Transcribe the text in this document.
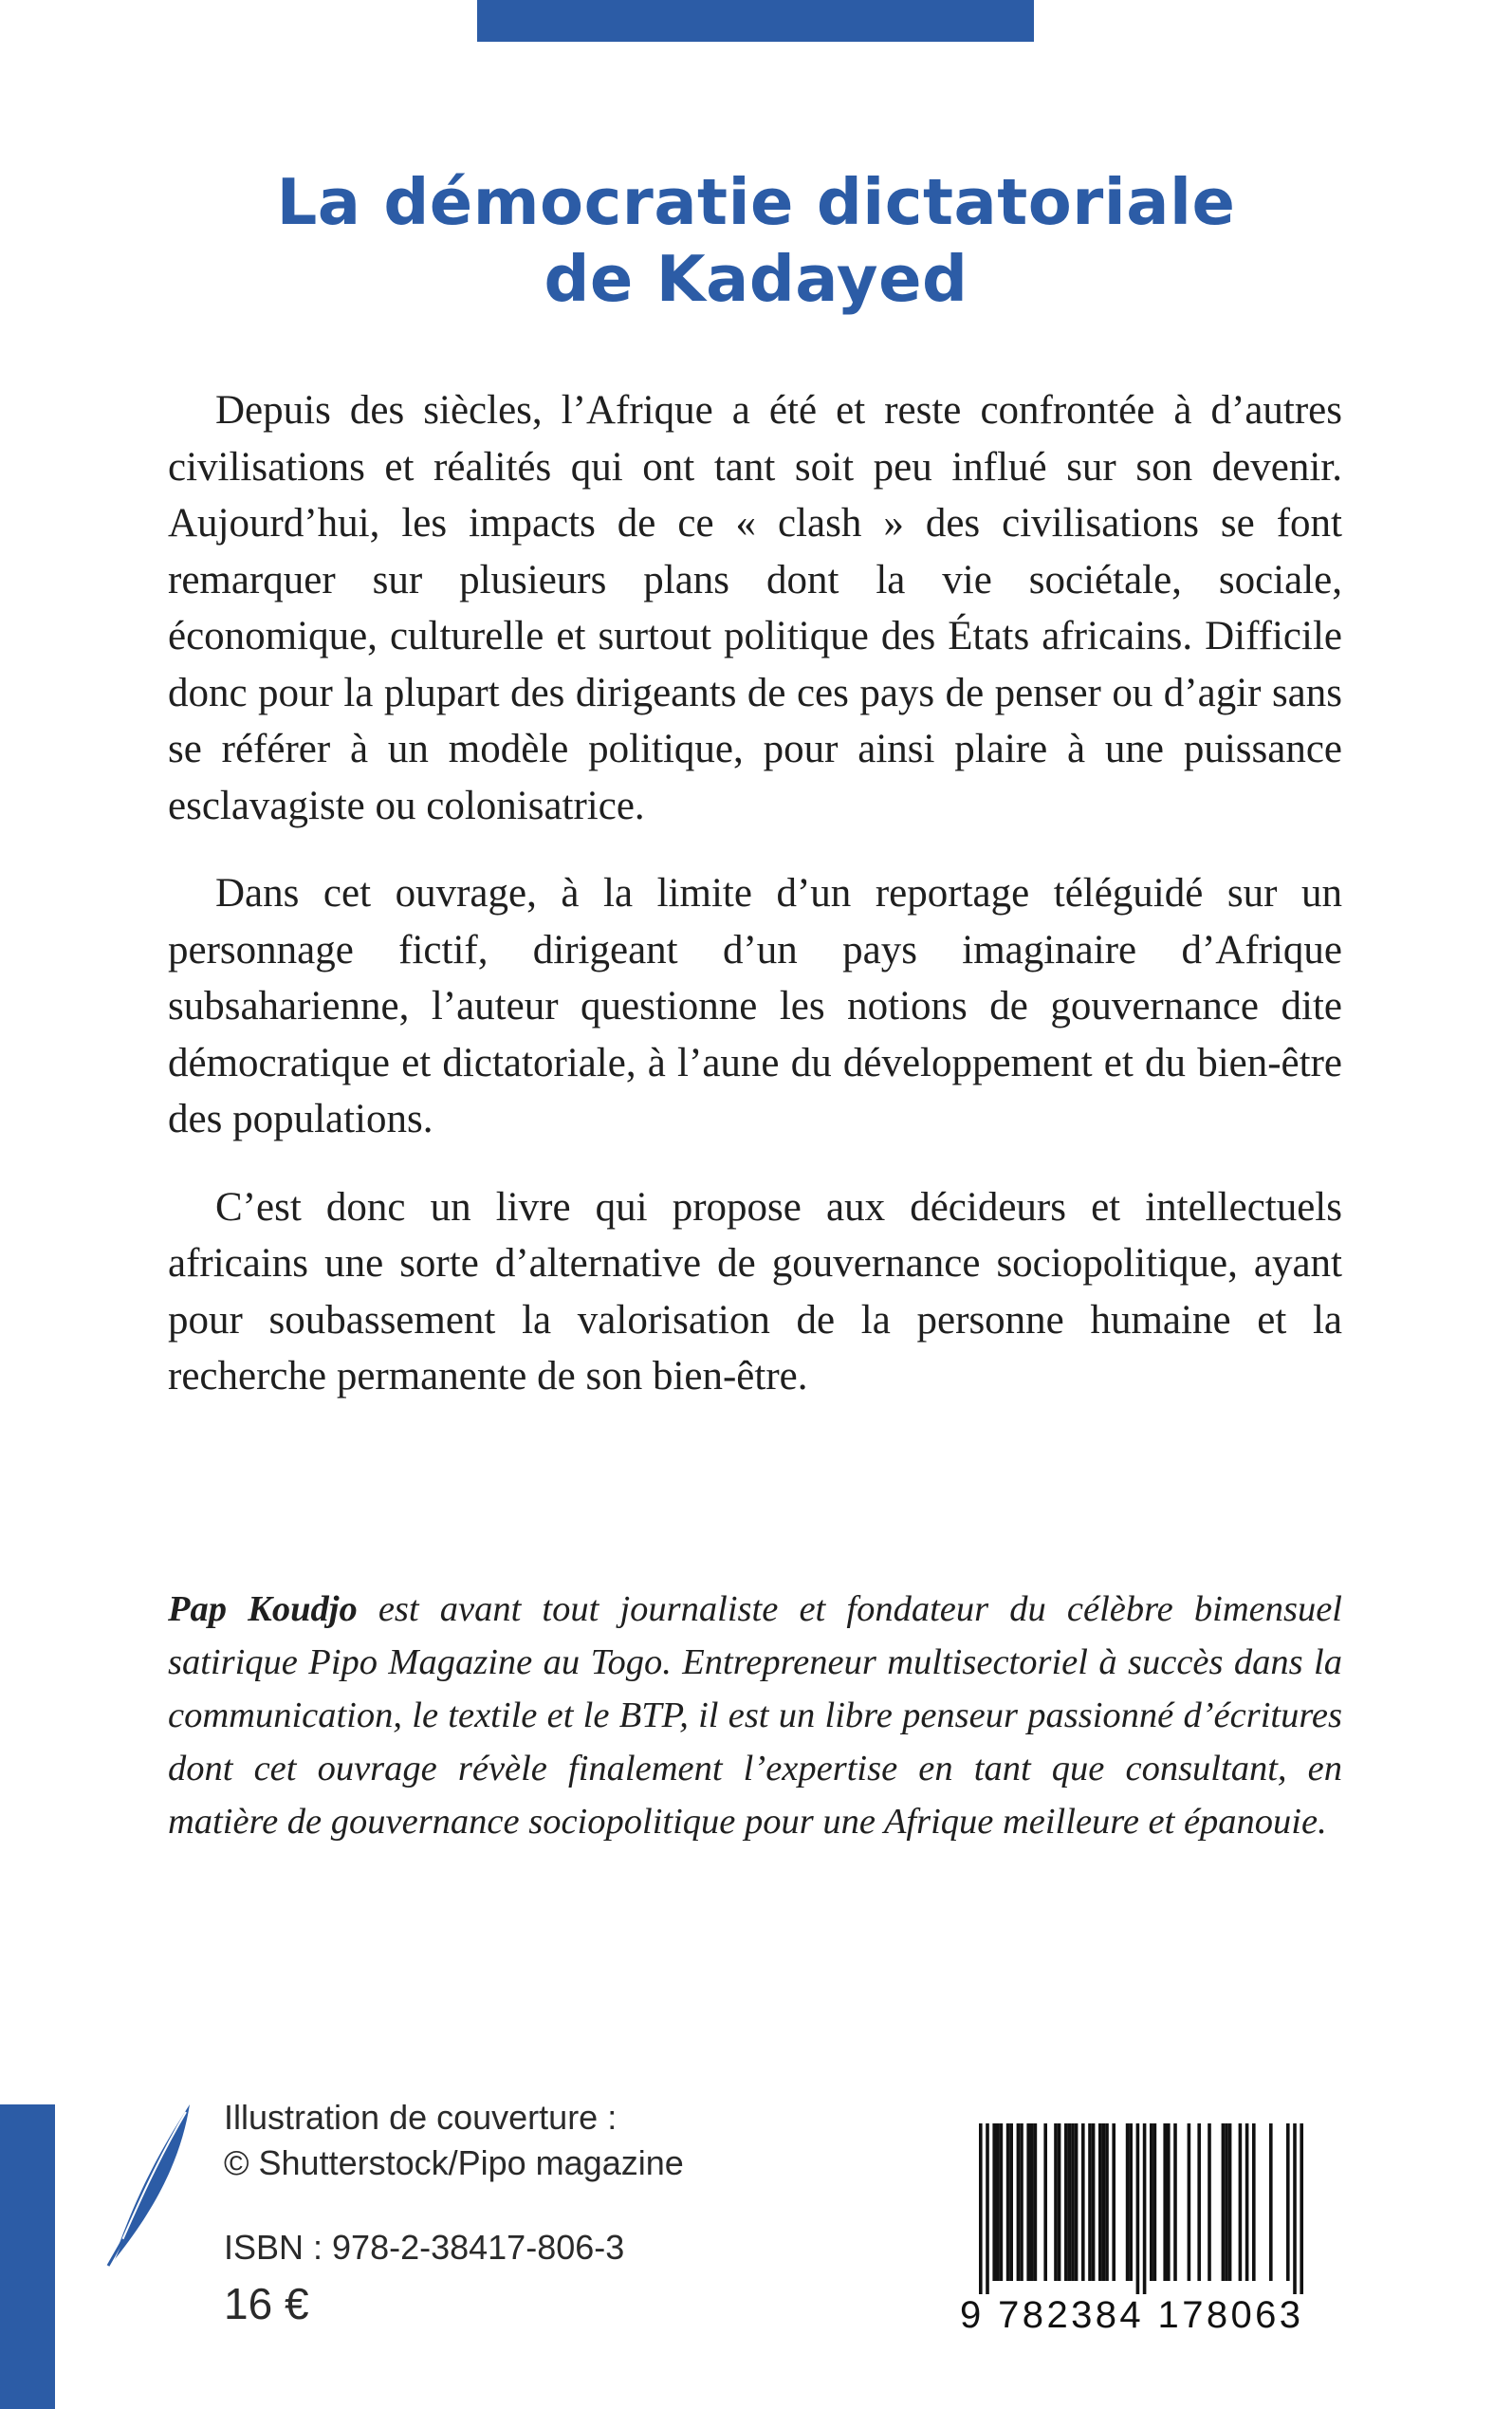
La démocratie dictatoriale
de Kadayed

Depuis des siècles, l’Afrique a été et reste confrontée à d’autres civilisations et réalités qui ont tant soit peu influé sur son devenir. Aujourd’hui, les impacts de ce « clash » des civilisations se font remarquer sur plusieurs plans dont la vie sociétale, sociale, économique, culturelle et surtout politique des États africains. Difficile donc pour la plupart des dirigeants de ces pays de penser ou d’agir sans se référer à un modèle politique, pour ainsi plaire à une puissance esclavagiste ou colonisatrice.

Dans cet ouvrage, à la limite d’un reportage téléguidé sur un personnage fictif, dirigeant d’un pays imaginaire d’Afrique subsaharienne, l’auteur questionne les notions de gouvernance dite démocratique et dictatoriale, à l’aune du développement et du bien-être des populations.

C’est donc un livre qui propose aux décideurs et intellectuels africains une sorte d’alternative de gouvernance sociopolitique, ayant pour soubassement la valorisation de la personne humaine et la recherche permanente de son bien-être.

Pap Koudjo est avant tout journaliste et fondateur du célèbre bimensuel satirique Pipo Magazine au Togo. Entrepreneur multisectoriel à succès dans la communication, le textile et le BTP, il est un libre penseur passionné d’écritures dont cet ouvrage révèle finalement l’expertise en tant que consultant, en matière de gouvernance sociopolitique pour une Afrique meilleure et épanouie.

Illustration de couverture :
© Shutterstock/Pipo magazine
ISBN : 978-2-38417-806-3
16 €	9 782384 178063
